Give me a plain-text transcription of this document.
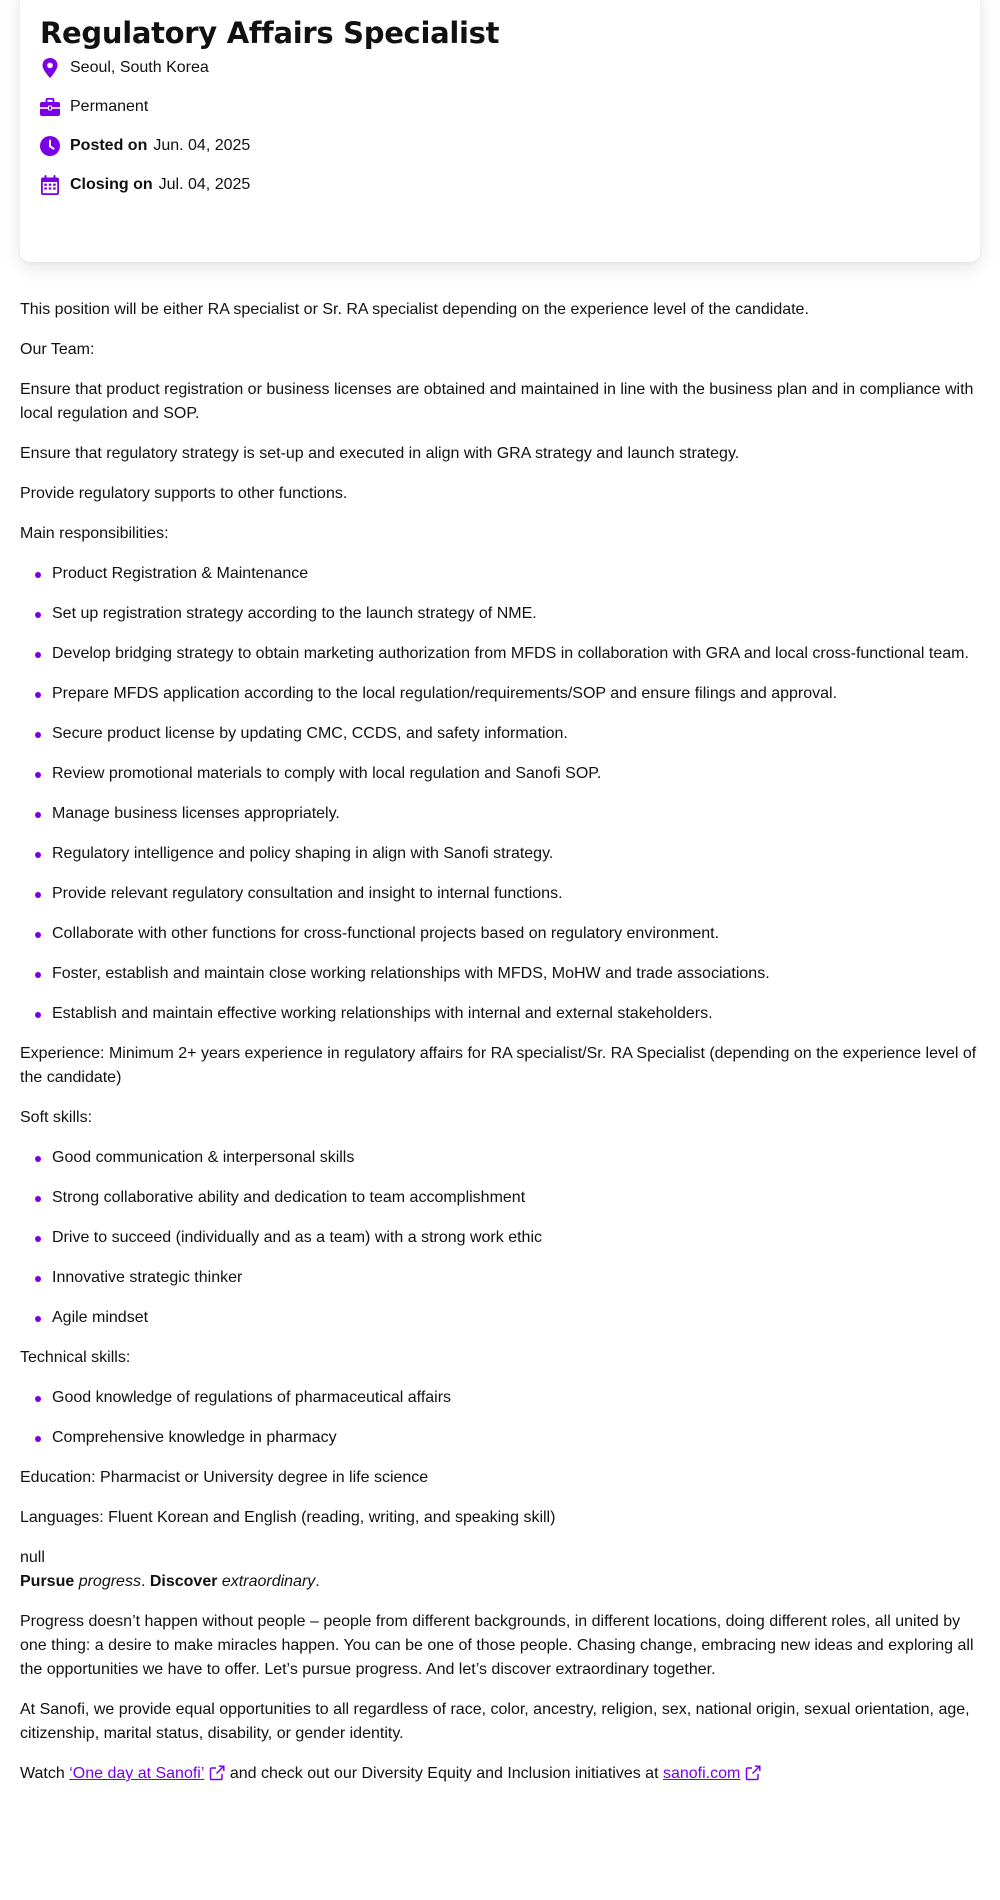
Regulatory Affairs Specialist
Seoul, South Korea
Permanent
Posted on Jun. 04, 2025
Closing on Jul. 04, 2025

This position will be either RA specialist or Sr. RA specialist depending on the experience level of the candidate.

Our Team:

Ensure that product registration or business licenses are obtained and maintained in line with the business plan and in compliance with local regulation and SOP.

Ensure that regulatory strategy is set-up and executed in align with GRA strategy and launch strategy.

Provide regulatory supports to other functions.

Main responsibilities:

Product Registration & Maintenance
Set up registration strategy according to the launch strategy of NME.
Develop bridging strategy to obtain marketing authorization from MFDS in collaboration with GRA and local cross-functional team.
Prepare MFDS application according to the local regulation/requirements/SOP and ensure filings and approval.
Secure product license by updating CMC, CCDS, and safety information.
Review promotional materials to comply with local regulation and Sanofi SOP.
Manage business licenses appropriately.
Regulatory intelligence and policy shaping in align with Sanofi strategy.
Provide relevant regulatory consultation and insight to internal functions.
Collaborate with other functions for cross-functional projects based on regulatory environment.
Foster, establish and maintain close working relationships with MFDS, MoHW and trade associations.
Establish and maintain effective working relationships with internal and external stakeholders.

Experience: Minimum 2+ years experience in regulatory affairs for RA specialist/Sr. RA Specialist (depending on the experience level of the candidate)

Soft skills:

Good communication & interpersonal skills
Strong collaborative ability and dedication to team accomplishment
Drive to succeed (individually and as a team) with a strong work ethic
Innovative strategic thinker
Agile mindset

Technical skills:

Good knowledge of regulations of pharmaceutical affairs
Comprehensive knowledge in pharmacy

Education: Pharmacist or University degree in life science

Languages: Fluent Korean and English (reading, writing, and speaking skill)

null

Pursue progress. Discover extraordinary.

Progress doesn’t happen without people – people from different backgrounds, in different locations, doing different roles, all united by one thing: a desire to make miracles happen. You can be one of those people. Chasing change, embracing new ideas and exploring all the opportunities we have to offer. Let’s pursue progress. And let’s discover extraordinary together.

At Sanofi, we provide equal opportunities to all regardless of race, color, ancestry, religion, sex, national origin, sexual orientation, age, citizenship, marital status, disability, or gender identity.

Watch ‘One day at Sanofi’ and check out our Diversity Equity and Inclusion initiatives at sanofi.com
